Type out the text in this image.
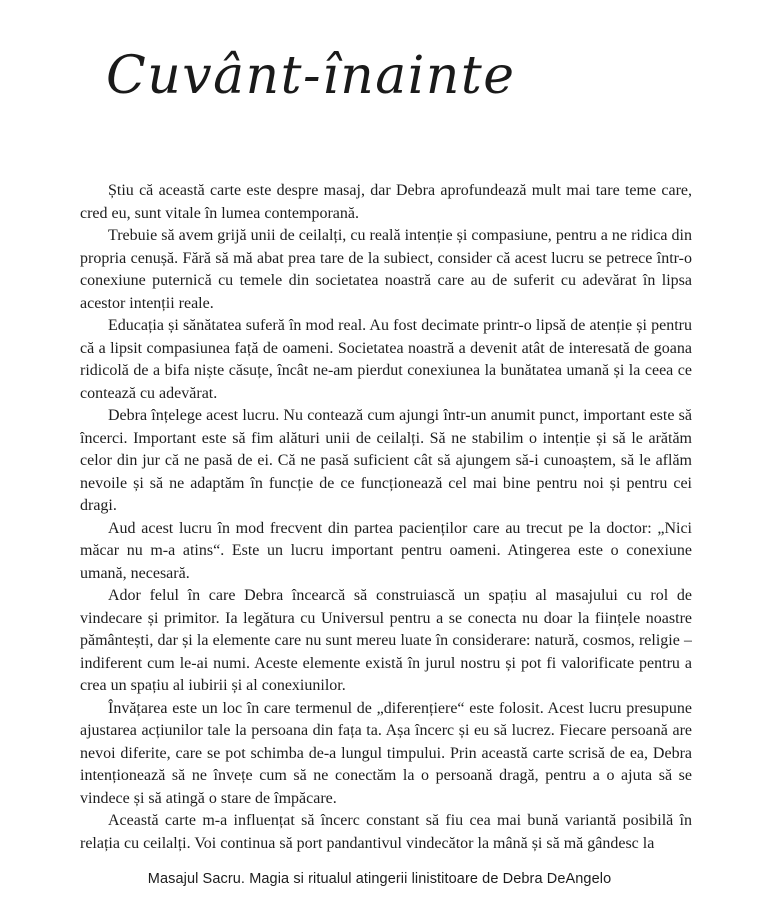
Cuvânt-înainte

Știu că această carte este despre masaj, dar Debra aprofundează mult mai tare teme care, cred eu, sunt vitale în lumea contemporană.

Trebuie să avem grijă unii de ceilalți, cu reală intenție și compasiune, pentru a ne ridica din propria cenușă. Fără să mă abat prea tare de la subiect, consider că acest lucru se petrece într-o conexiune puternică cu temele din societatea noastră care au de suferit cu adevărat în lipsa acestor intenții reale.

Educația și sănătatea suferă în mod real. Au fost decimate printr-o lipsă de atenție și pentru că a lipsit compasiunea față de oameni. Societatea noastră a devenit atât de interesată de goana ridicolă de a bifa niște căsuțe, încât ne-am pierdut conexiunea la bunătatea umană și la ceea ce contează cu adevărat.

Debra înțelege acest lucru. Nu contează cum ajungi într-un anumit punct, important este să încerci. Important este să fim alături unii de ceilalți. Să ne stabilim o intenție și să le arătăm celor din jur că ne pasă de ei. Că ne pasă suficient cât să ajungem să-i cunoaștem, să le aflăm nevoile și să ne adaptăm în funcție de ce funcționează cel mai bine pentru noi și pentru cei dragi.

Aud acest lucru în mod frecvent din partea pacienților care au trecut pe la doctor: „Nici măcar nu m-a atins“. Este un lucru important pentru oameni. Atingerea este o conexiune umană, necesară.

Ador felul în care Debra încearcă să construiască un spațiu al masajului cu rol de vindecare și primitor. Ia legătura cu Universul pentru a se conecta nu doar la ființele noastre pământești, dar și la elemente care nu sunt mereu luate în considerare: natură, cosmos, religie – indiferent cum le-ai numi. Aceste elemente există în jurul nostru și pot fi valorificate pentru a crea un spațiu al iubirii și al conexiunilor.

Învățarea este un loc în care termenul de „diferențiere“ este folosit. Acest lucru presupune ajustarea acțiunilor tale la persoana din fața ta. Așa încerc și eu să lucrez. Fiecare persoană are nevoi diferite, care se pot schimba de-a lungul timpului. Prin această carte scrisă de ea, Debra intenționează să ne învețe cum să ne conectăm la o persoană dragă, pentru a o ajuta să se vindece și să atingă o stare de împăcare.

Această carte m-a influențat să încerc constant să fiu cea mai bună variantă posibilă în relația cu ceilalți. Voi continua să port pandantivul vindecător la mână și să mă gândesc la

Masajul Sacru. Magia si ritualul atingerii linistitoare de Debra DeAngelo
